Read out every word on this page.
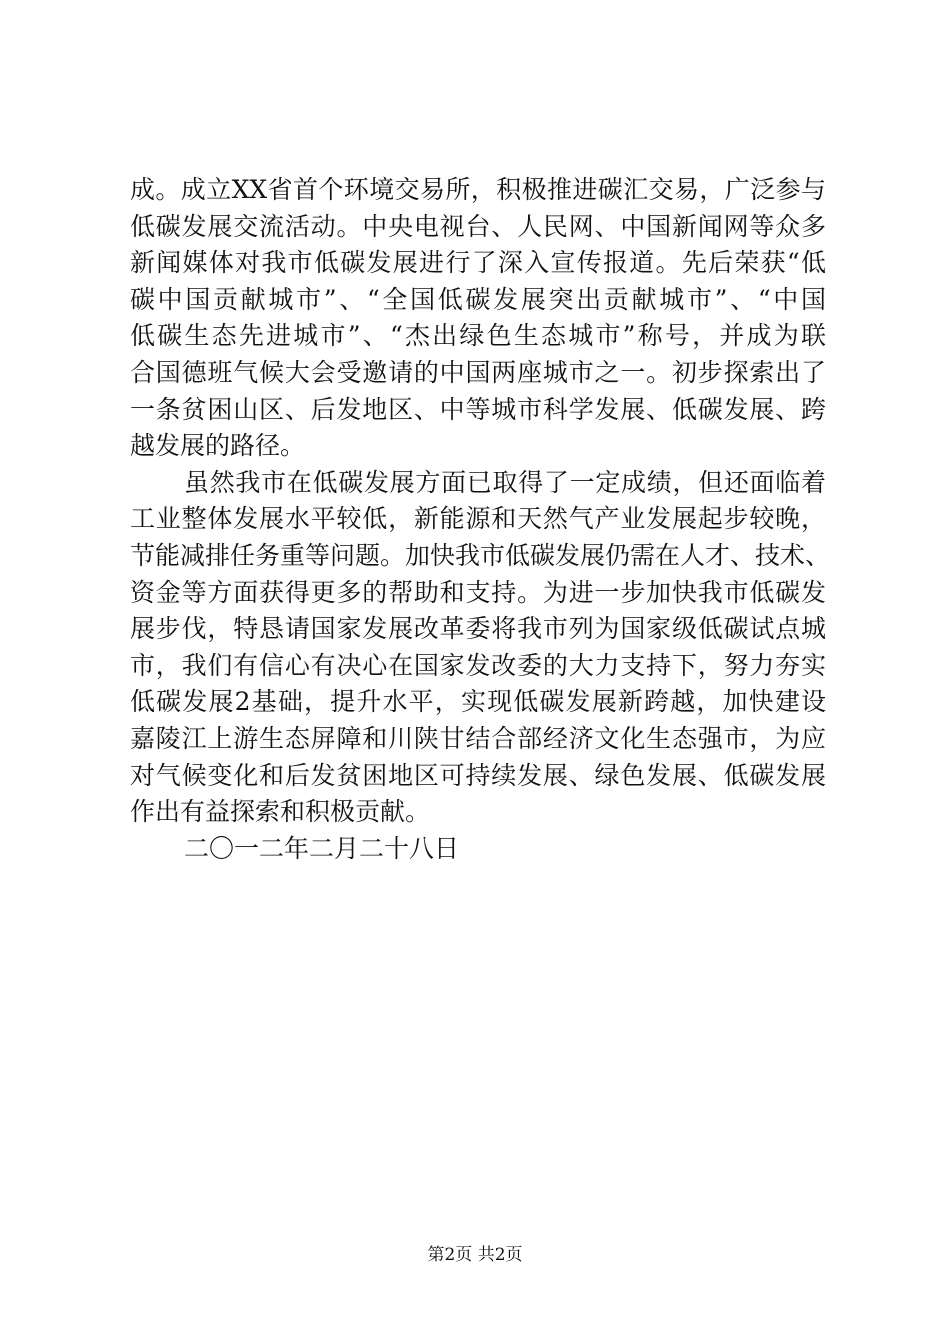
成。成立XX省首个环境交易所，积极推进碳汇交易，广泛参与
低碳发展交流活动。中央电视台、人民网、中国新闻网等众多
新闻媒体对我市低碳发展进行了深入宣传报道。先后荣获“低
碳中国贡献城市”、“全国低碳发展突出贡献城市”、“中国
低碳生态先进城市”、“杰出绿色生态城市”称号，并成为联
合国德班气候大会受邀请的中国两座城市之一。初步探索出了
一条贫困山区、后发地区、中等城市科学发展、低碳发展、跨
越发展的路径。
虽然我市在低碳发展方面已取得了一定成绩，但还面临着
工业整体发展水平较低，新能源和天然气产业发展起步较晚，
节能减排任务重等问题。加快我市低碳发展仍需在人才、技术、
资金等方面获得更多的帮助和支持。为进一步加快我市低碳发
展步伐，特恳请国家发展改革委将我市列为国家级低碳试点城
市，我们有信心有决心在国家发改委的大力支持下，努力夯实
低碳发展2基础，提升水平，实现低碳发展新跨越，加快建设
嘉陵江上游生态屏障和川陕甘结合部经济文化生态强市，为应
对气候变化和后发贫困地区可持续发展、绿色发展、低碳发展
作出有益探索和积极贡献。
二〇一二年二月二十八日
第2页 共2页
